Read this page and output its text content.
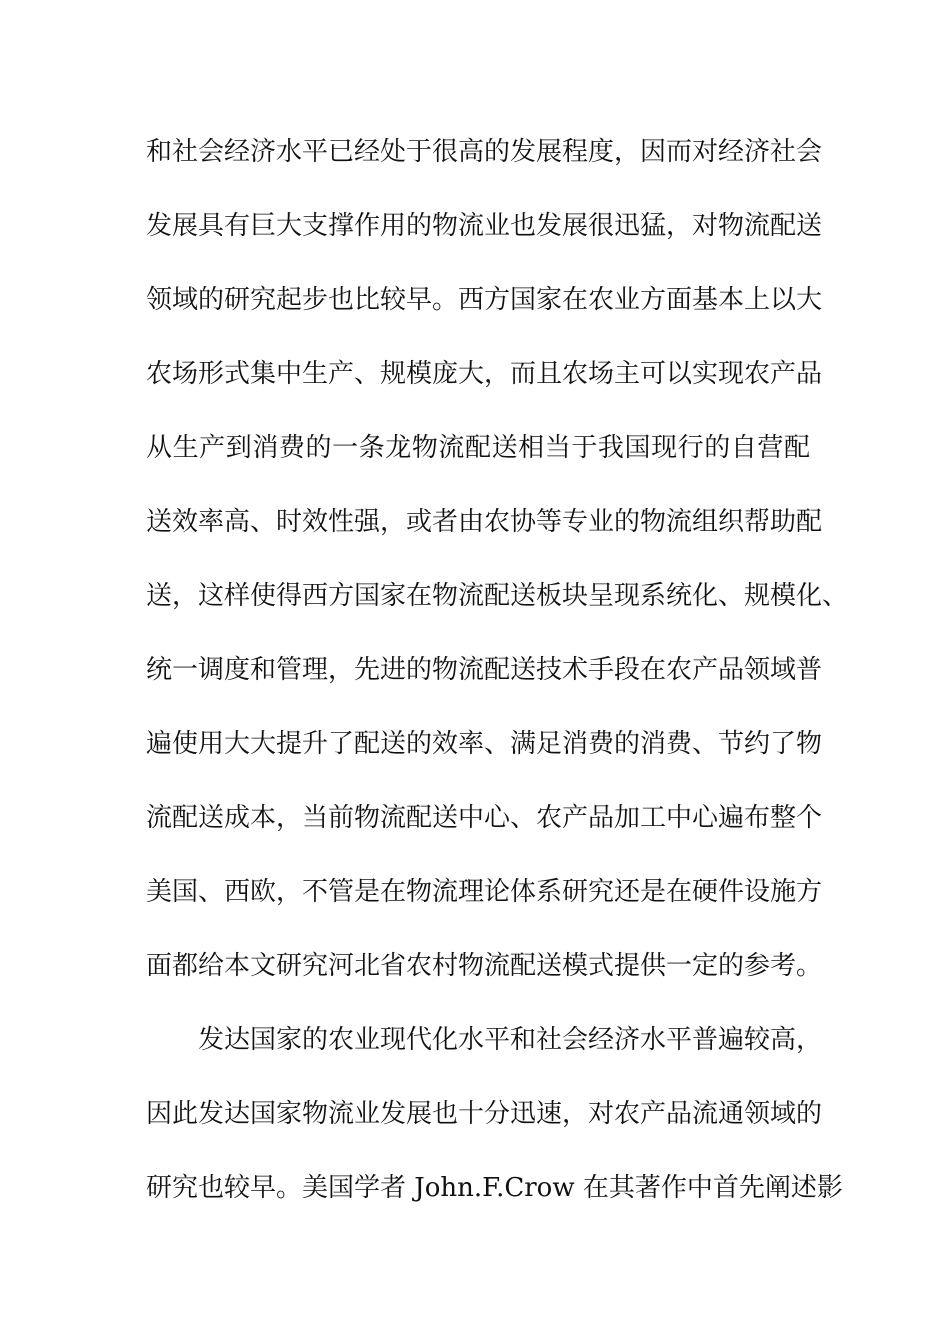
和社会经济水平已经处于很高的发展程度，因而对经济社会
发展具有巨大支撑作用的物流业也发展很迅猛，对物流配送
领域的研究起步也比较早。西方国家在农业方面基本上以大
农场形式集中生产、规模庞大，而且农场主可以实现农产品
从生产到消费的一条龙物流配送相当于我国现行的自营配
送效率高、时效性强，或者由农协等专业的物流组织帮助配
送，这样使得西方国家在物流配送板块呈现系统化、规模化、
统一调度和管理，先进的物流配送技术手段在农产品领域普
遍使用大大提升了配送的效率、满足消费的消费、节约了物
流配送成本，当前物流配送中心、农产品加工中心遍布整个
美国、西欧，不管是在物流理论体系研究还是在硬件设施方
面都给本文研究河北省农村物流配送模式提供一定的参考。
发达国家的农业现代化水平和社会经济水平普遍较高，
因此发达国家物流业发展也十分迅速，对农产品流通领域的
研究也较早。美国学者 John.F.Crow 在其著作中首先阐述影
